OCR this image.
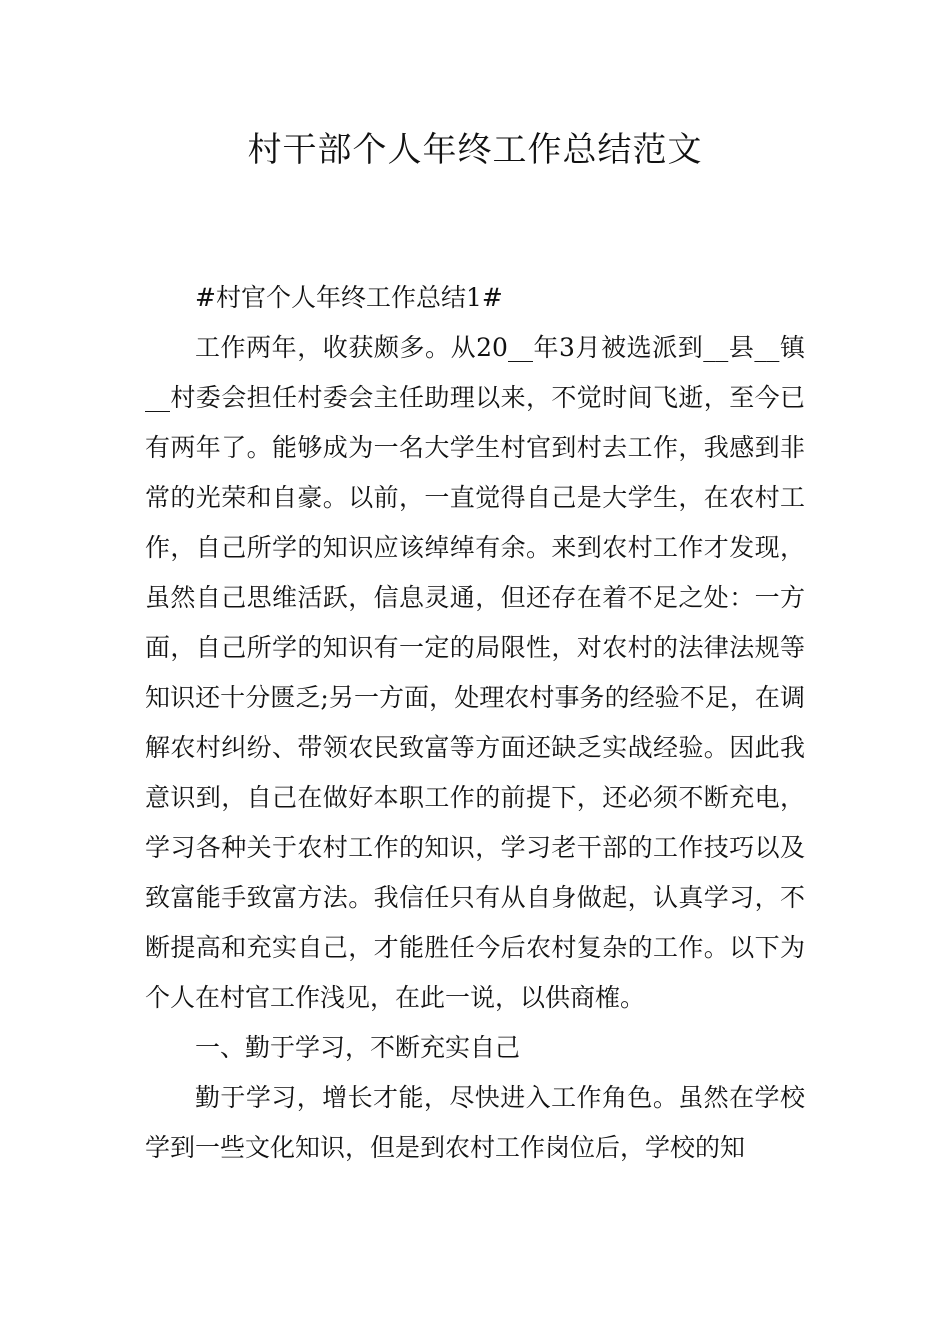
村干部个人年终工作总结范文

#村官个人年终工作总结1#

工作两年，收获颇多。从20__年3月被选派到__县__镇__村委会担任村委会主任助理以来，不觉时间飞逝，至今已有两年了。能够成为一名大学生村官到村去工作，我感到非常的光荣和自豪。以前，一直觉得自己是大学生，在农村工作，自己所学的知识应该绰绰有余。来到农村工作才发现，虽然自己思维活跃，信息灵通，但还存在着不足之处：一方面，自己所学的知识有一定的局限性，对农村的法律法规等知识还十分匮乏;另一方面，处理农村事务的经验不足，在调解农村纠纷、带领农民致富等方面还缺乏实战经验。因此我意识到，自己在做好本职工作的前提下，还必须不断充电，学习各种关于农村工作的知识，学习老干部的工作技巧以及致富能手致富方法。我信任只有从自身做起，认真学习，不断提高和充实自己，才能胜任今后农村复杂的工作。以下为个人在村官工作浅见，在此一说，以供商榷。

一、勤于学习，不断充实自己

勤于学习，增长才能，尽快进入工作角色。虽然在学校学到一些文化知识，但是到农村工作岗位后，学校的知
